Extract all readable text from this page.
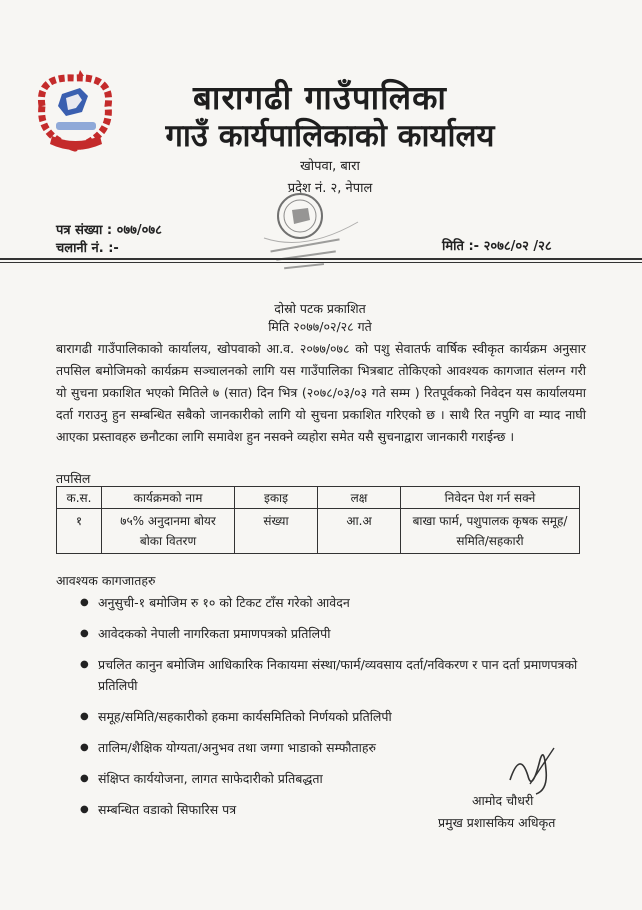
बारागढी गाउँपालिका
गाउँ कार्यपालिकाको कार्यालय
खोपवा, बारा
प्रदेश नं. २, नेपाल
पत्र संख्या : ०७७/०७८
चलानी नं. :-	मिति :- २०७८/०२ /२८
दोस्रो पटक प्रकाशित
मिति २०७७/०२/२८ गते
बारागढी गाउँपालिकाको कार्यालय, खोपवाको आ.व. २०७७/०७८ को पशु सेवातर्फ वार्षिक स्वीकृत कार्यक्रम अनुसार तपसिल बमोजिमको कार्यक्रम सञ्चालनको लागि यस गाउँपालिका भित्रबाट तोकिएको आवश्यक कागजात संलग्न गरी यो सुचना प्रकाशित भएको मितिले ७ (सात) दिन भित्र (२०७८/०३/०३ गते सम्म ) रितपूर्वकको निवेदन यस कार्यालयमा दर्ता गराउनु हुन सम्बन्धित सबैको जानकारीको लागि यो सुचना प्रकाशित गरिएको छ । साथै रित नपुगि वा म्याद नाघी आएका प्रस्तावहरु छनौटका लागि समावेश हुन नसक्ने व्यहोरा समेत यसै सुचनाद्वारा जानकारी गराईन्छ ।
तपसिल
क.स.	कार्यक्रमको नाम	इकाइ	लक्ष	निवेदन पेश गर्न सक्ने
१	७५% अनुदानमा बोयर बोका वितरण	संख्या	आ.अ	बाखा फार्म, पशुपालक कृषक समूह/समिति/सहकारी
आवश्यक कागजातहरु
● अनुसुची-१ बमोजिम रु १० को टिकट टाँस गरेको आवेदन
● आवेदकको नेपाली नागरिकता प्रमाणपत्रको प्रतिलिपी
● प्रचलित कानुन बमोजिम आधिकारिक निकायमा संस्था/फार्म/व्यवसाय दर्ता/नविकरण र पान दर्ता प्रमाणपत्रको प्रतिलिपी
● समूह/समिति/सहकारीको हकमा कार्यसमितिको निर्णयको प्रतिलिपी
● तालिम/शैक्षिक योग्यता/अनुभव तथा जग्गा भाडाको सम्फौताहरु
● संक्षिप्त कार्ययोजना, लागत साफेदारीको प्रतिबद्धता
● सम्बन्धित वडाको सिफारिस पत्र
आमोद चौधरी
प्रमुख प्रशासकिय अधिकृत
